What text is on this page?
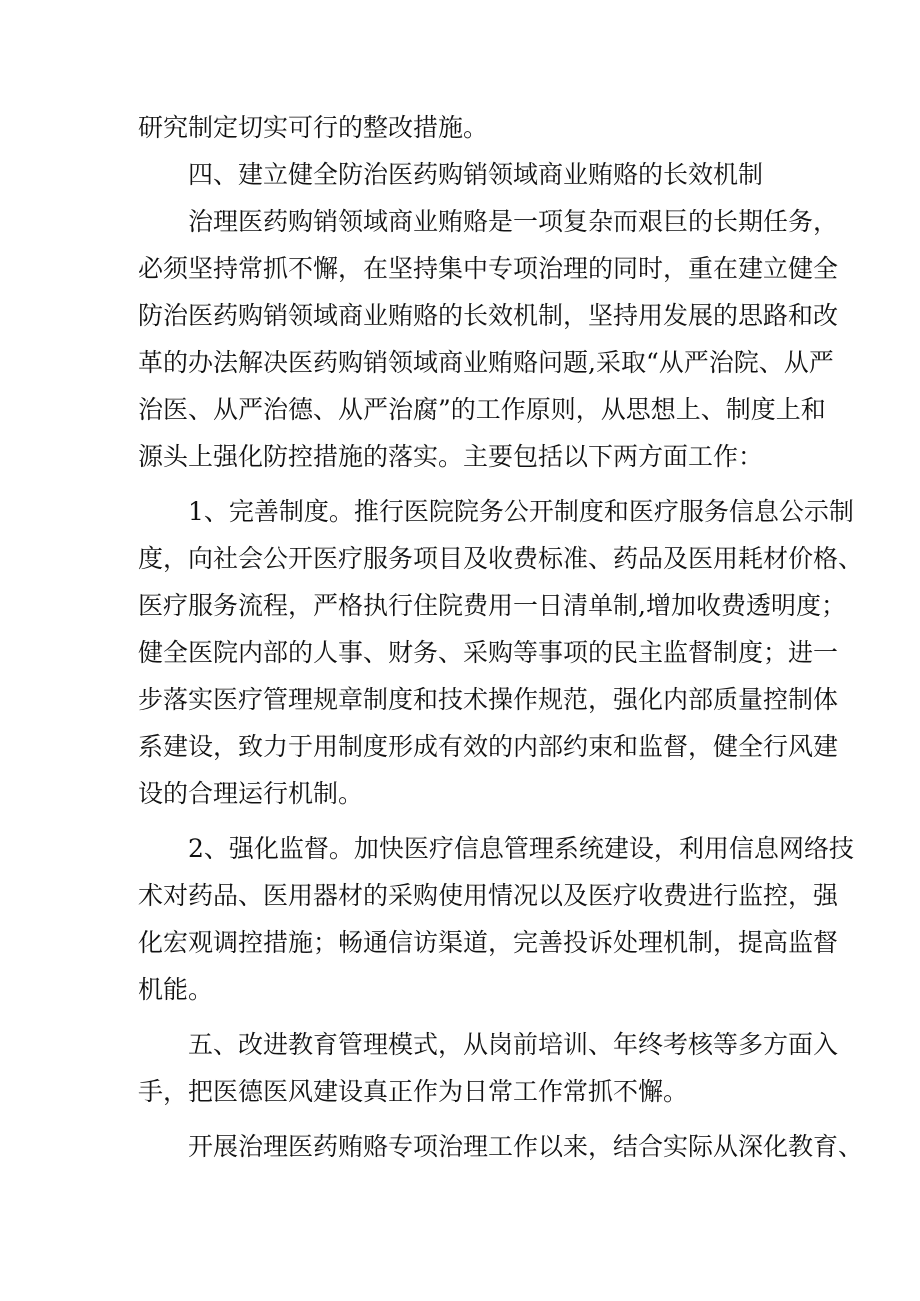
研究制定切实可行的整改措施。
四、建立健全防治医药购销领域商业贿赂的长效机制
治理医药购销领域商业贿赂是一项复杂而艰巨的长期任务，
必须坚持常抓不懈，在坚持集中专项治理的同时，重在建立健全
防治医药购销领域商业贿赂的长效机制，坚持用发展的思路和改
革的办法解决医药购销领域商业贿赂问题,采取“从严治院、从严
治医、从严治德、从严治腐”的工作原则，从思想上、制度上和
源头上强化防控措施的落实。主要包括以下两方面工作：
1、完善制度。推行医院院务公开制度和医疗服务信息公示制
度，向社会公开医疗服务项目及收费标准、药品及医用耗材价格、
医疗服务流程，严格执行住院费用一日清单制,增加收费透明度；
健全医院内部的人事、财务、采购等事项的民主监督制度；进一
步落实医疗管理规章制度和技术操作规范，强化内部质量控制体
系建设，致力于用制度形成有效的内部约束和监督，健全行风建
设的合理运行机制。
2、强化监督。加快医疗信息管理系统建设，利用信息网络技
术对药品、医用器材的采购使用情况以及医疗收费进行监控，强
化宏观调控措施；畅通信访渠道，完善投诉处理机制，提高监督
机能。
五、改进教育管理模式，从岗前培训、年终考核等多方面入
手，把医德医风建设真正作为日常工作常抓不懈。
开展治理医药贿赂专项治理工作以来，结合实际从深化教育、
